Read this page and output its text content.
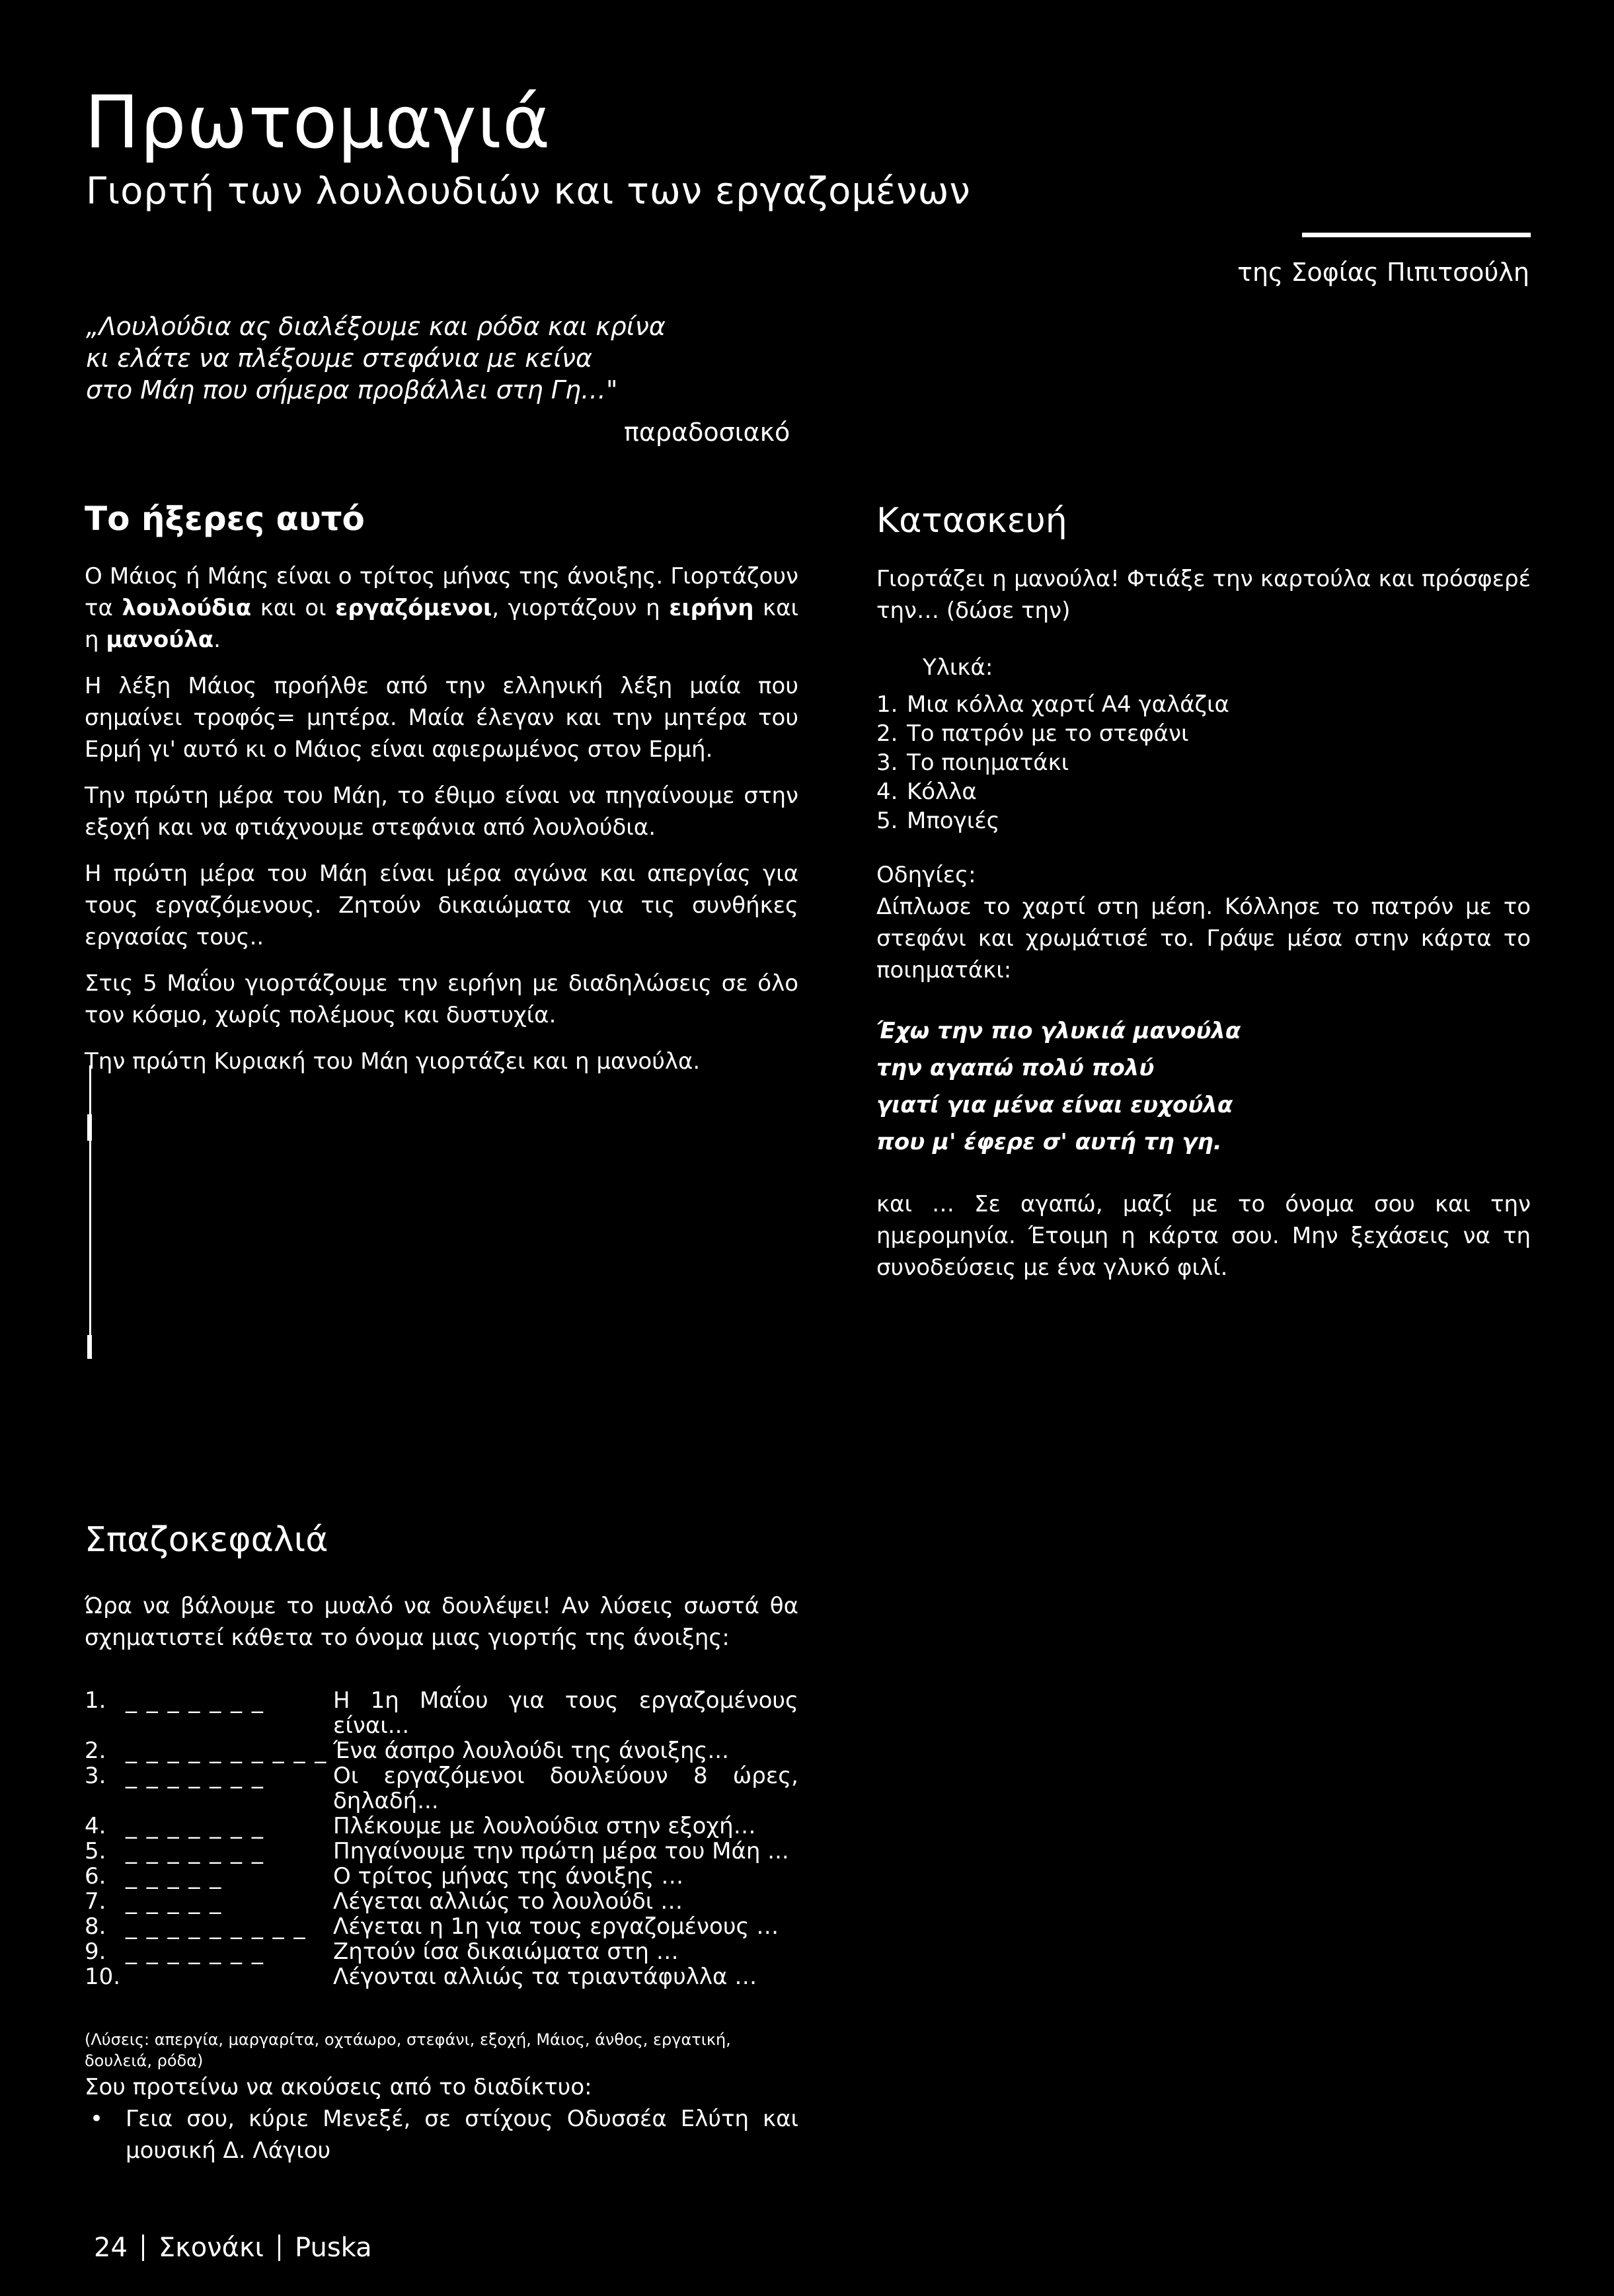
Πρωτομαγιά
Γιορτή των λουλουδιών και των εργαζομένων
της Σοφίας Πιπιτσούλη
„Λουλούδια ας διαλέξουμε και ρόδα και κρίνα
κι ελάτε να πλέξουμε στεφάνια με κείνα
στο Μάη που σήμερα προβάλλει στη Γη…"
παραδοσιακό
Το ήξερες αυτό
Ο Μάιος ή Μάης είναι ο τρίτος μήνας της άνοιξης. Γιορτάζουν τα λουλούδια και οι εργαζόμενοι, γιορτάζουν η ειρήνη και η μανούλα.
Η λέξη Μάιος προήλθε από την ελληνική λέξη μαία που σημαίνει τροφός= μητέρα. Μαία έλεγαν και την μητέρα του Ερμή γι' αυτό κι ο Μάιος είναι αφιερωμένος στον Ερμή.
Την πρώτη μέρα του Μάη, το έθιμο είναι να πηγαίνουμε στην εξοχή και να φτιάχνουμε στεφάνια από λουλούδια.
Η πρώτη μέρα του Μάη είναι μέρα αγώνα και απεργίας για τους εργαζόμενους. Ζητούν δικαιώματα για τις συνθήκες εργασίας τους..
Στις 5 Μαΐου γιορτάζουμε την ειρήνη με διαδηλώσεις σε όλο τον κόσμο, χωρίς πολέμους και δυστυχία.
Την πρώτη Κυριακή του Μάη γιορτάζει και η μανούλα.
Κατασκευή
Γιορτάζει η μανούλα! Φτιάξε την καρτούλα και πρόσφερέ την… (δώσε την)
Υλικά:
1. Μια κόλλα χαρτί Α4 γαλάζια
2. Το πατρόν με το στεφάνι
3. Το ποιηματάκι
4. Κόλλα
5. Μπογιές
Οδηγίες:
Δίπλωσε το χαρτί στη μέση. Κόλλησε το πατρόν με το στεφάνι και χρωμάτισέ το. Γράψε μέσα στην κάρτα το ποιηματάκι:
Έχω την πιο γλυκιά μανούλα
την αγαπώ πολύ πολύ
γιατί για μένα είναι ευχούλα
που μ' έφερε σ' αυτή τη γη.
και … Σε αγαπώ, μαζί με το όνομα σου και την ημερομηνία. Έτοιμη η κάρτα σου. Μην ξεχάσεις να τη συνοδεύσεις με ένα γλυκό φιλί.
Σπαζοκεφαλιά
Ώρα να βάλουμε το μυαλό να δουλέψει! Αν λύσεις σωστά θα σχηματιστεί κάθετα το όνομα μιας γιορτής της άνοιξης:
1. _ _ _ _ _ _ _	Η 1η Μαΐου για τους εργαζομένους είναι...
2. _ _ _ _ _ _ _ _ _ _ Ένα άσπρο λουλούδι της άνοιξης...
3. _ _ _ _ _ _ _	Οι εργαζόμενοι δουλεύουν 8 ώρες, δηλαδή...
4. _ _ _ _ _ _ _	Πλέκουμε με λουλούδια στην εξοχή…
5. _ _ _ _ _ _ _	Πηγαίνουμε την πρώτη μέρα του Μάη ...
6. _ _ _ _ _	Ο τρίτος μήνας της άνοιξης …
7. _ _ _ _ _	Λέγεται αλλιώς το λουλούδι …
8. _ _ _ _ _ _ _ _ _	Λέγεται η 1η για τους εργαζομένους …
9. _ _ _ _ _ _ _	Ζητούν ίσα δικαιώματα στη …
10.	Λέγονται αλλιώς τα τριαντάφυλλα …
(Λύσεις: απεργία, μαργαρίτα, οχτάωρο, στεφάνι, εξοχή, Μάιος, άνθος, εργατική, δουλειά, ρόδα)
Σου προτείνω να ακούσεις από το διαδίκτυο:
• Γεια σου, κύριε Μενεξέ, σε στίχους Οδυσσέα Ελύτη και μουσική Δ. Λάγιου
24 Σκονάκι Puska
